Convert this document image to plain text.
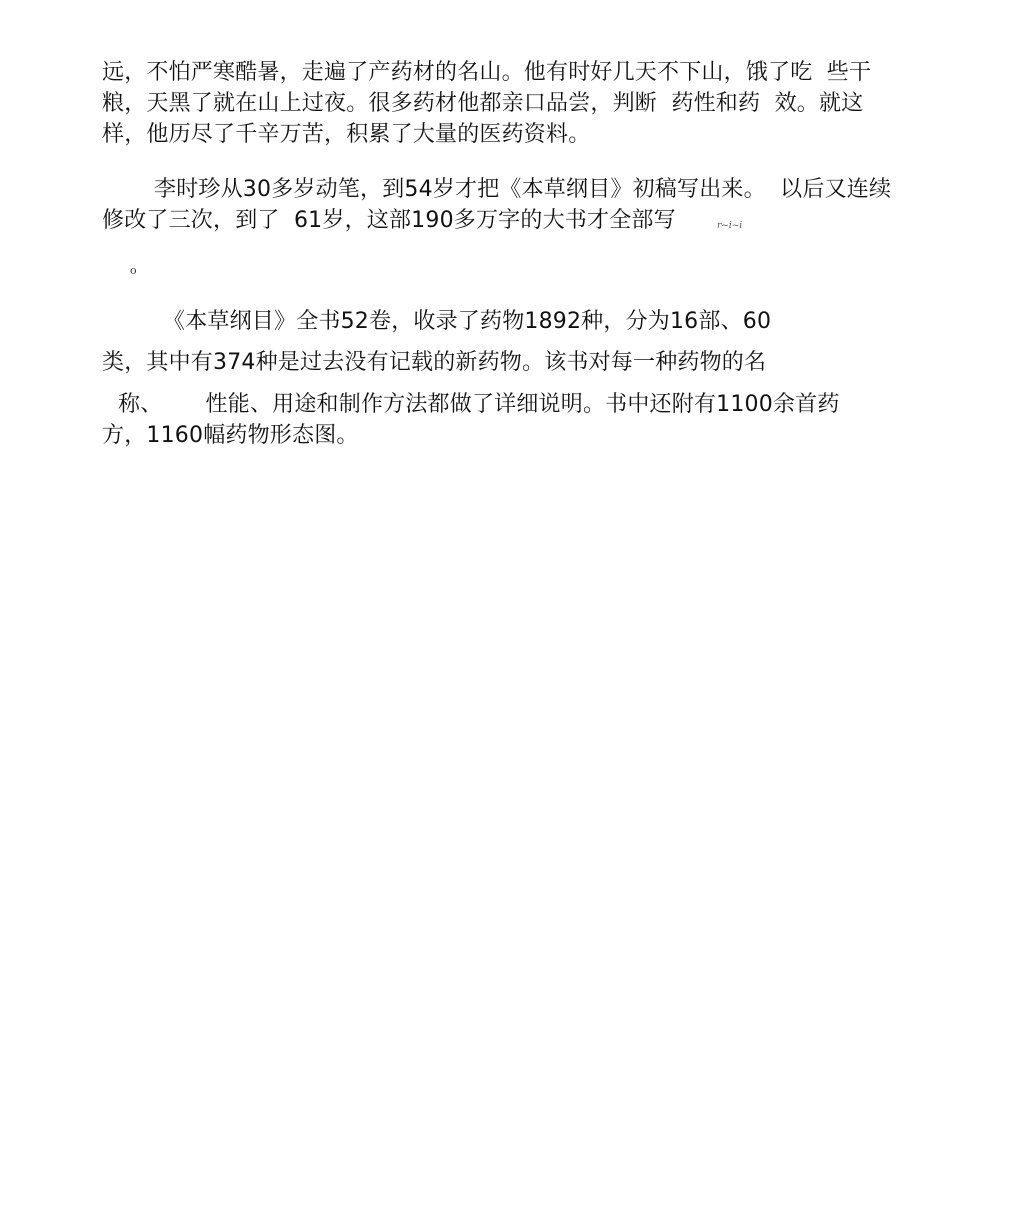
远，不怕严寒酷暑，走遍了产药材的名山。他有时好几天不下山，饿了吃  些干
粮，天黑了就在山上过夜。很多药材他都亲口品尝，判断  药性和药  效。就这
样，他历尽了千辛万苦，积累了大量的医药资料。
李时珍从30多岁动笔，到54岁才把《本草纲目》初稿写出来。  以后又连续
修改了三次，到了  61岁，这部190多万字的大书才全部写	r~i~i
o
《本草纲目》全书52卷，收录了药物1892种，分为16部、60
类，其中有374种是过去没有记载的新药物。该书对每一种药物的名
称、      性能、用途和制作方法都做了详细说明。书中还附有1100余首药
方，1160幅药物形态图。
